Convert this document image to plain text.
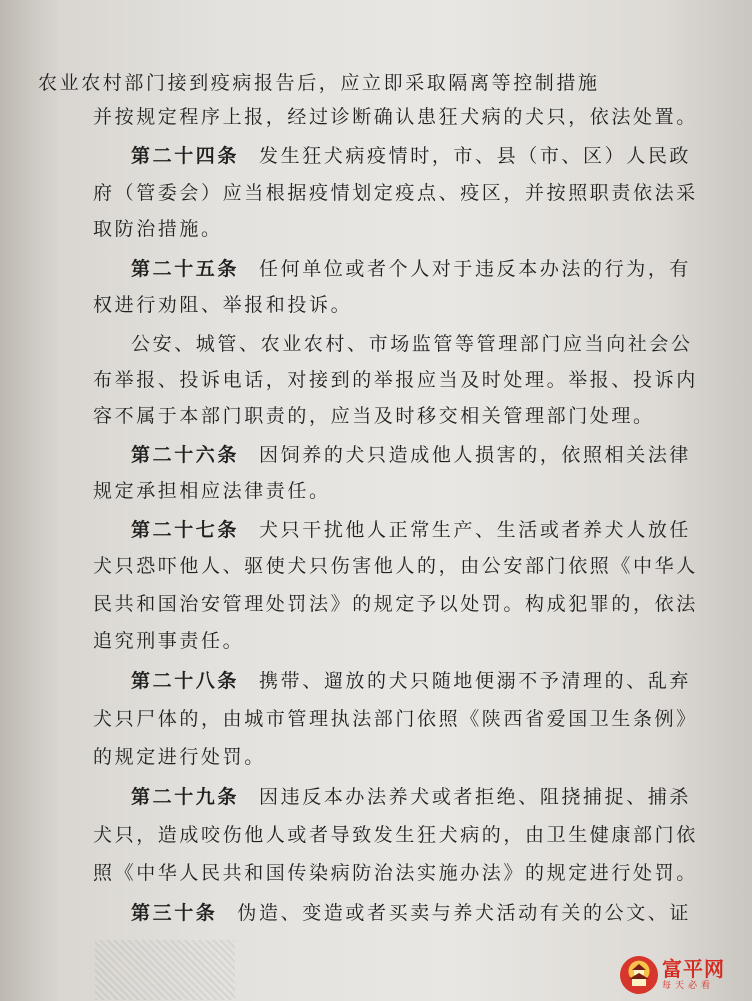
农业农村部门接到疫病报告后，应立即采取隔离等控制措施
并按规定程序上报，经过诊断确认患狂犬病的犬只，依法处置。
第二十四条 发生狂犬病疫情时，市、县（市、区）人民政
府（管委会）应当根据疫情划定疫点、疫区，并按照职责依法采
取防治措施。
第二十五条 任何单位或者个人对于违反本办法的行为，有
权进行劝阻、举报和投诉。
公安、城管、农业农村、市场监管等管理部门应当向社会公
布举报、投诉电话，对接到的举报应当及时处理。举报、投诉内
容不属于本部门职责的，应当及时移交相关管理部门处理。
第二十六条 因饲养的犬只造成他人损害的，依照相关法律
规定承担相应法律责任。
第二十七条 犬只干扰他人正常生产、生活或者养犬人放任
犬只恐吓他人、驱使犬只伤害他人的，由公安部门依照《中华人
民共和国治安管理处罚法》的规定予以处罚。构成犯罪的，依法
追究刑事责任。
第二十八条 携带、遛放的犬只随地便溺不予清理的、乱弃
犬只尸体的，由城市管理执法部门依照《陕西省爱国卫生条例》
的规定进行处罚。
第二十九条 因违反本办法养犬或者拒绝、阻挠捕捉、捕杀
犬只，造成咬伤他人或者导致发生狂犬病的，由卫生健康部门依
照《中华人民共和国传染病防治法实施办法》的规定进行处罚。
第三十条 伪造、变造或者买卖与养犬活动有关的公文、证
富平网
每天必看
